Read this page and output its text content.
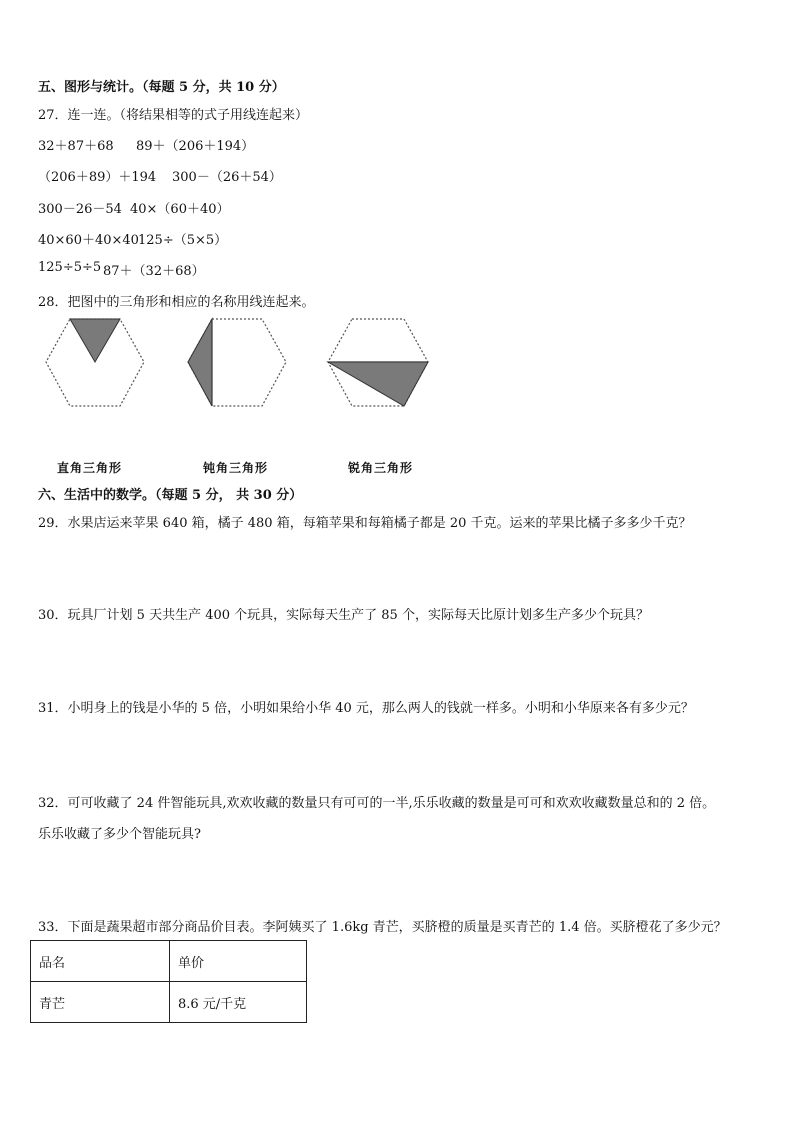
五、图形与统计。（每题 5 分，共 10 分）
27．连一连。（将结果相等的式子用线连起来）
32＋87＋68 89＋（206＋194）
（206＋89）＋194 300－（26＋54）
300－26－54 40×（60＋40）
40×60＋40×40 125÷（5×5）
125÷5÷5 87＋（32＋68）
28．把图中的三角形和相应的名称用线连起来。
直角三角形	钝角三角形	锐角三角形
六、生活中的数学。（每题 5 分， 共 30 分）
29．水果店运来苹果 640 箱，橘子 480 箱，每箱苹果和每箱橘子都是 20 千克。运来的苹果比橘子多多少千克？
30．玩具厂计划 5 天共生产 400 个玩具，实际每天生产了 85 个，实际每天比原计划多生产多少个玩具？
31．小明身上的钱是小华的 5 倍，小明如果给小华 40 元，那么两人的钱就一样多。小明和小华原来各有多少元？
32．可可收藏了 24 件智能玩具,欢欢收藏的数量只有可可的一半,乐乐收藏的数量是可可和欢欢收藏数量总和的 2 倍。
乐乐收藏了多少个智能玩具?
33．下面是蔬果超市部分商品价目表。李阿姨买了 1.6kg 青芒，买脐橙的质量是买青芒的 1.4 倍。买脐橙花了多少元？
品名	单价
青芒	8.6 元/千克
